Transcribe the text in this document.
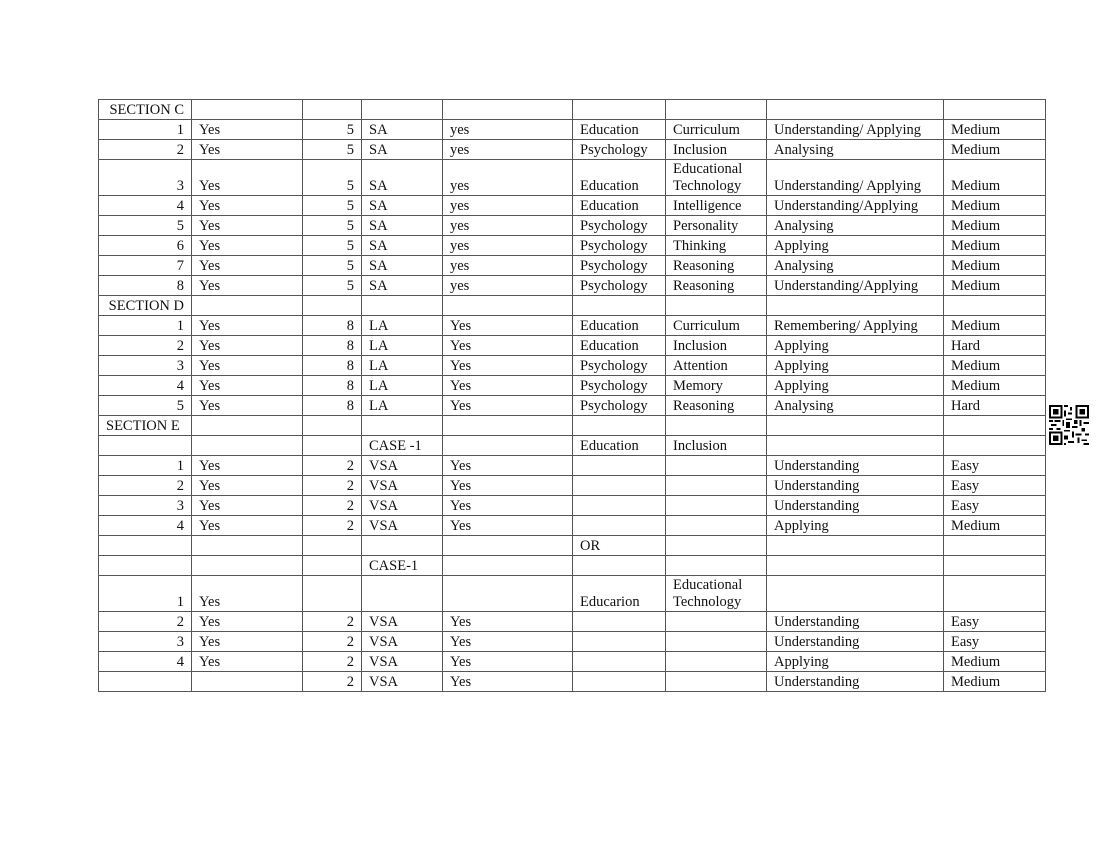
SECTION C								
1	Yes	5	SA	yes	Education	Curriculum	Understanding/ Applying	Medium
2	Yes	5	SA	yes	Psychology	Inclusion	Analysing	Medium
3	Yes	5	SA	yes	Education	Educational Technology	Understanding/ Applying	Medium
4	Yes	5	SA	yes	Education	Intelligence	Understanding/Applying	Medium
5	Yes	5	SA	yes	Psychology	Personality	Analysing	Medium
6	Yes	5	SA	yes	Psychology	Thinking	Applying	Medium
7	Yes	5	SA	yes	Psychology	Reasoning	Analysing	Medium
8	Yes	5	SA	yes	Psychology	Reasoning	Understanding/Applying	Medium
SECTION D								
1	Yes	8	LA	Yes	Education	Curriculum	Remembering/ Applying	Medium
2	Yes	8	LA	Yes	Education	Inclusion	Applying	Hard
3	Yes	8	LA	Yes	Psychology	Attention	Applying	Medium
4	Yes	8	LA	Yes	Psychology	Memory	Applying	Medium
5	Yes	8	LA	Yes	Psychology	Reasoning	Analysing	Hard
SECTION E								
			CASE -1		Education	Inclusion		
1	Yes	2	VSA	Yes			Understanding	Easy
2	Yes	2	VSA	Yes			Understanding	Easy
3	Yes	2	VSA	Yes			Understanding	Easy
4	Yes	2	VSA	Yes			Applying	Medium
					OR			
			CASE-1					
1	Yes				Educarion	Educational Technology		
2	Yes	2	VSA	Yes			Understanding	Easy
3	Yes	2	VSA	Yes			Understanding	Easy
4	Yes	2	VSA	Yes			Applying	Medium
		2	VSA	Yes			Understanding	Medium
